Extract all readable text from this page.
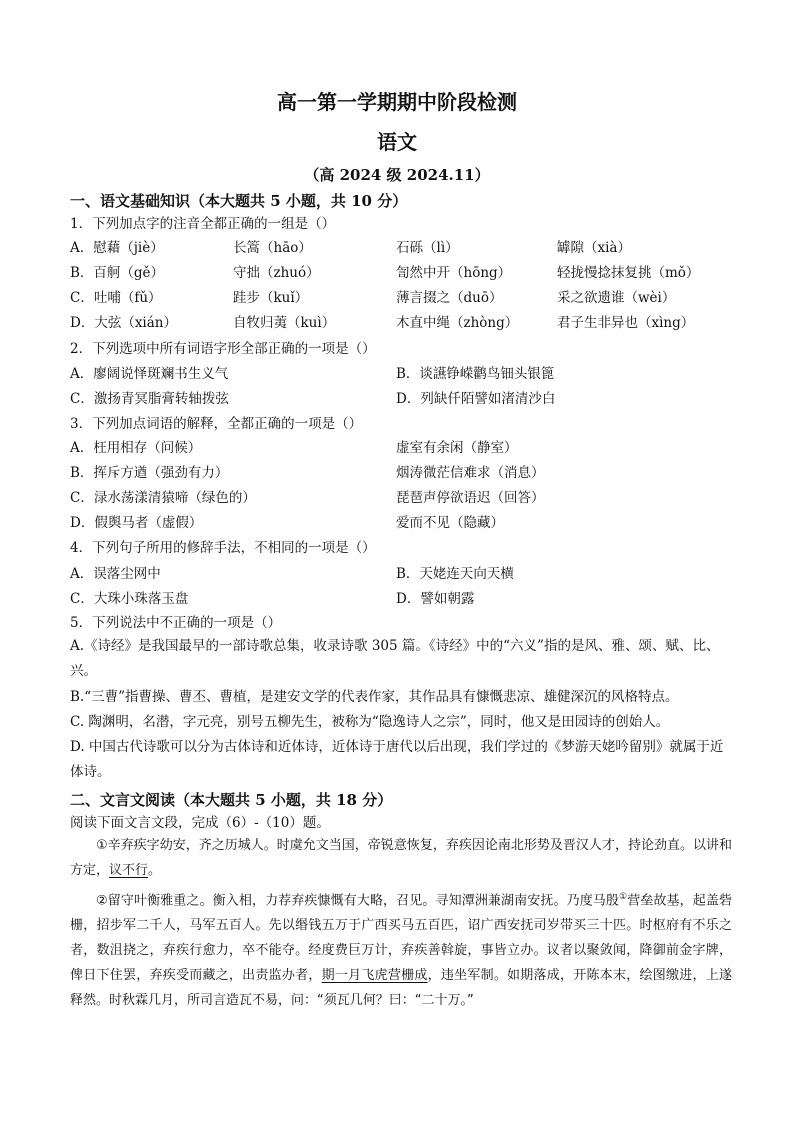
高一第一学期期中阶段检测
语文
（高 2024 级 2024.11）
一、语文基础知识（本大题共 5 小题，共 10 分）
1．下列加点字的注音全都正确的一组是（）
A．慰藉（jiè）	长篙（hāo）	石砾（lì）	罅隙（xià）
B．百舸（gě）	守拙（zhuó）	訇然中开（hōng）	轻拢慢捻抹复挑（mǒ）
C．吐哺（fǔ）	跬步（kuǐ）	薄言掇之（duō）	采之欲遗谁（wèi）
D．大弦（xián）	自牧归荑（kuì）	木直中绳（zhòng）	君子生非异也（xìng）
2．下列选项中所有词语字形全部正确的一项是（）
A．廖阔说怿斑斓书生义气	B．谈讌铮嵘鹳鸟钿头银篦
C．激扬青冥脂膏转轴拨弦	D．列缺仟陌譬如渚清沙白
3．下列加点词语的解释，全都正确的一项是（）
A．枉用相存（问候）	虚室有余闲（静室）
B．挥斥方遒（强劲有力）	烟涛微茫信难求（消息）
C．渌水荡漾清猿啼（绿色的）	琵琶声停欲语迟（回答）
D．假舆马者（虚假）	爱而不见（隐藏）
4．下列句子所用的修辞手法，不相同的一项是（）
A．误落尘网中	B．天姥连天向天横
C．大珠小珠落玉盘	D．譬如朝露
5．下列说法中不正确的一项是（）
A.《诗经》是我国最早的一部诗歌总集，收录诗歌 305 篇。《诗经》中的“六义”指的是风、雅、颂、赋、比、兴。
B.“三曹”指曹操、曹丕、曹植，是建安文学的代表作家，其作品具有慷慨悲凉、雄健深沉的风格特点。
C. 陶渊明，名潜，字元亮，别号五柳先生，被称为“隐逸诗人之宗”，同时，他又是田园诗的创始人。
D. 中国古代诗歌可以分为古体诗和近体诗，近体诗于唐代以后出现，我们学过的《梦游天姥吟留别》就属于近体诗。
二、文言文阅读（本大题共 5 小题，共 18 分）
阅读下面文言文段，完成（6）-（10）题。
①辛弃疾字幼安，齐之历城人。时虞允文当国，帝锐意恢复，弃疾因论南北形势及晋汉人才，持论劲直。以讲和方定，议不行。
②留守叶衡雅重之。衡入相，力荐弃疾慷慨有大略，召见。寻知潭洲兼湖南安抚。乃度马殷①营垒故基，起盖砦栅，招步军二千人，马军五百人。先以缗钱五万于广西买马五百匹，诏广西安抚司岁带买三十匹。时枢府有不乐之者，数沮挠之，弃疾行愈力，卒不能夺。经度费巨万计，弃疾善斡旋，事皆立办。议者以聚敛闻，降御前金字牌，俾日下住罢，弃疾受而藏之，出责监办者，期一月飞虎营栅成，违坐军制。如期落成，开陈本末，绘图缴进，上遂释然。时秋霖几月，所司言造瓦不易，问：“须瓦几何？曰：“二十万。”
